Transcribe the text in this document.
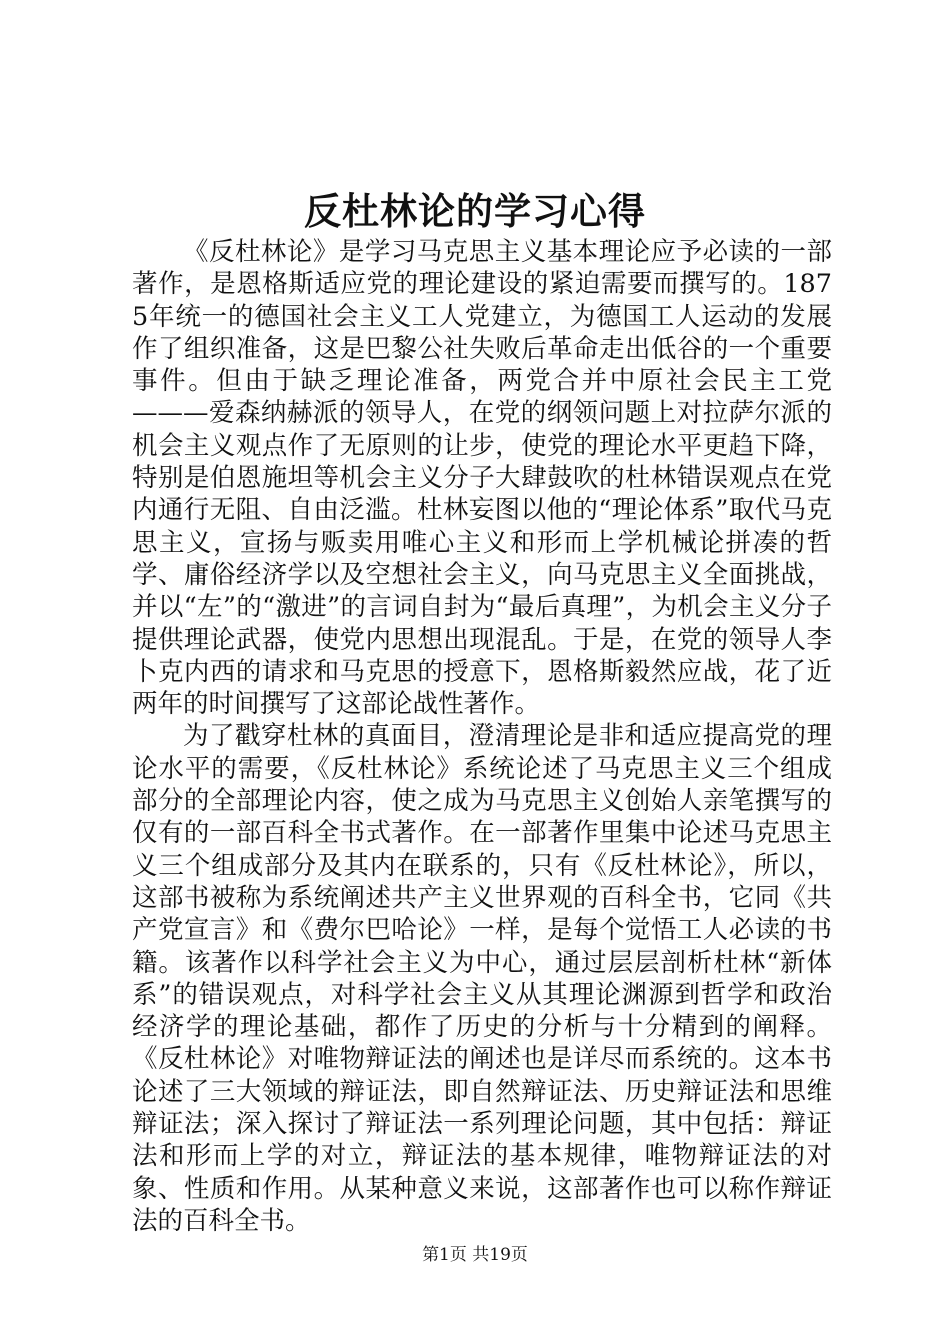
反杜林论的学习心得

《反杜林论》是学习马克思主义基本理论应予必读的一部著作，是恩格斯适应党的理论建设的紧迫需要而撰写的。1875年统一的德国社会主义工人党建立，为德国工人运动的发展作了组织准备，这是巴黎公社失败后革命走出低谷的一个重要事件。但由于缺乏理论准备，两党合并中原社会民主工党———爱森纳赫派的领导人，在党的纲领问题上对拉萨尔派的机会主义观点作了无原则的让步，使党的理论水平更趋下降，特别是伯恩施坦等机会主义分子大肆鼓吹的杜林错误观点在党内通行无阻、自由泛滥。杜林妄图以他的“理论体系”取代马克思主义，宣扬与贩卖用唯心主义和形而上学机械论拼凑的哲学、庸俗经济学以及空想社会主义，向马克思主义全面挑战，并以“左”的“激进”的言词自封为“最后真理”，为机会主义分子提供理论武器，使党内思想出现混乱。于是，在党的领导人李卜克内西的请求和马克思的授意下，恩格斯毅然应战，花了近两年的时间撰写了这部论战性著作。

为了戳穿杜林的真面目，澄清理论是非和适应提高党的理论水平的需要，《反杜林论》系统论述了马克思主义三个组成部分的全部理论内容，使之成为马克思主义创始人亲笔撰写的仅有的一部百科全书式著作。在一部著作里集中论述马克思主义三个组成部分及其内在联系的，只有《反杜林论》，所以，这部书被称为系统阐述共产主义世界观的百科全书，它同《共产党宣言》和《费尔巴哈论》一样，是每个觉悟工人必读的书籍。该著作以科学社会主义为中心，通过层层剖析杜林“新体系”的错误观点，对科学社会主义从其理论渊源到哲学和政治经济学的理论基础，都作了历史的分析与十分精到的阐释。《反杜林论》对唯物辩证法的阐述也是详尽而系统的。这本书论述了三大领域的辩证法，即自然辩证法、历史辩证法和思维辩证法；深入探讨了辩证法一系列理论问题，其中包括：辩证法和形而上学的对立，辩证法的基本规律，唯物辩证法的对象、性质和作用。从某种意义来说，这部著作也可以称作辩证法的百科全书。

第1页 共19页
